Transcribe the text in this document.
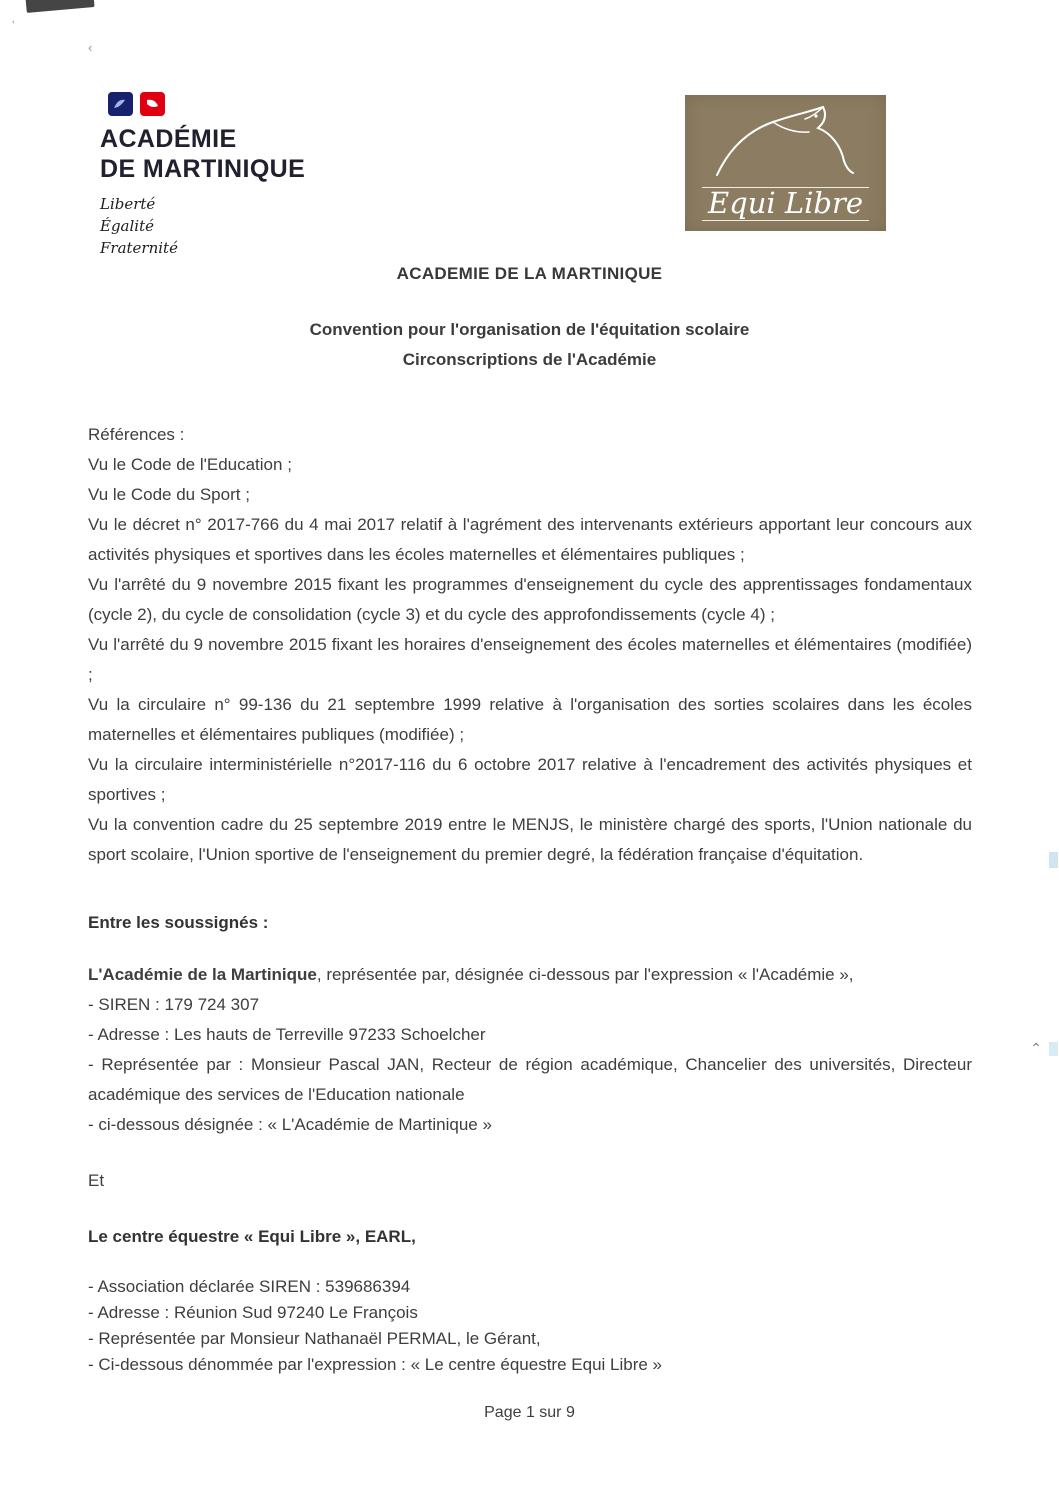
‘
‹
⌃
ACADÉMIE
DE MARTINIQUE
Liberté
Égalité
Fraternité
Equi Libre
ACADEMIE DE LA MARTINIQUE
Convention pour l'organisation de l'équitation scolaire
Circonscriptions de l'Académie

Références :

Vu le Code de l'Education ;

Vu le Code du Sport ;

Vu le décret n° 2017-766 du 4 mai 2017 relatif à l'agrément des intervenants extérieurs apportant leur concours aux activités physiques et sportives dans les écoles maternelles et élémentaires publiques ;

Vu l'arrêté du 9 novembre 2015 fixant les programmes d'enseignement du cycle des apprentissages fondamentaux (cycle 2), du cycle de consolidation (cycle 3) et du cycle des approfondissements (cycle 4) ;

Vu l'arrêté du 9 novembre 2015 fixant les horaires d'enseignement des écoles maternelles et élémentaires (modifiée) ;

Vu la circulaire n° 99-136 du 21 septembre 1999 relative à l'organisation des sorties scolaires dans les écoles maternelles et élémentaires publiques (modifiée) ;

Vu la circulaire interministérielle n°2017-116 du 6 octobre 2017 relative à l'encadrement des activités physiques et sportives ;

Vu la convention cadre du 25 septembre 2019 entre le MENJS, le ministère chargé des sports, l'Union nationale du sport scolaire, l'Union sportive de l'enseignement du premier degré, la fédération française d'équitation.

Entre les soussignés :

L'Académie de la Martinique, représentée par, désignée ci-dessous par l'expression « l'Académie »,

- SIREN : 179 724 307

- Adresse : Les hauts de Terreville 97233 Schoelcher

- Représentée par : Monsieur Pascal JAN, Recteur de région académique, Chancelier des universités, Directeur académique des services de l'Education nationale

- ci-dessous désignée : « L'Académie de Martinique »

Et

Le centre équestre « Equi Libre », EARL,

- Association déclarée SIREN : 539686394

- Adresse : Réunion Sud 97240 Le François

- Représentée par Monsieur Nathanaël PERMAL, le Gérant,

- Ci-dessous dénommée par l'expression : « Le centre équestre Equi Libre »

Page 1 sur 9
